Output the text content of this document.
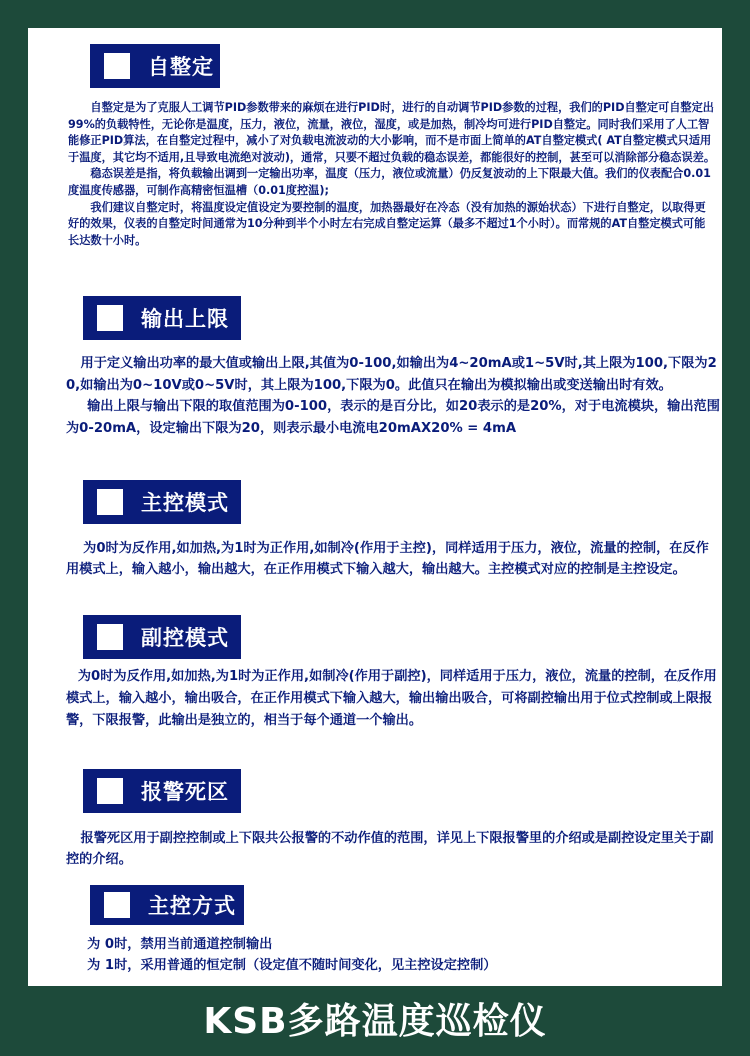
自整定
自整定是为了克服人工调节PID参数带来的麻烦在进行PID时，进行的自动调节PID参数的过程，我们的PID自整定可自整定出99%的负载特性，无论你是温度，压力，液位，流量，液位，湿度，或是加热，制冷均可进行PID自整定。同时我们采用了人工智能修正PID算法，在自整定过程中，减小了对负载电流波动的大小影响，而不是市面上简单的AT自整定模式( AT自整定模式只适用于温度，其它均不适用,且导致电流绝对波动)，通常，只要不超过负载的稳态误差，都能很好的控制，甚至可以消除部分稳态误差。
稳态误差是指，将负载输出调到一定输出功率，温度（压力，液位或流量）仍反复波动的上下限最大值。我们的仪表配合0.01度温度传感器，可制作高精密恒温槽（0.01度控温);
我们建议自整定时，将温度设定值设定为要控制的温度，加热器最好在冷态（没有加热的源始状态）下进行自整定，以取得更好的效果，仪表的自整定时间通常为10分种到半个小时左右完成自整定运算（最多不超过1个小时）。而常规的AT自整定模式可能长达数十小时。
输出上限
用于定义输出功率的最大值或输出上限,其值为0-100,如输出为4~20mA或1~5V时,其上限为100,下限为20,如输出为0~10V或0~5V时，其上限为100,下限为0。此值只在输出为模拟输出或变送输出时有效。
输出上限与输出下限的取值范围为0-100，表示的是百分比，如20表示的是20%，对于电流模块，输出范围为0-20mA，设定输出下限为20，则表示最小电流电20mAX20% = 4mA
主控模式
为0时为反作用,如加热,为1时为正作用,如制冷(作用于主控)，同样适用于压力，液位，流量的控制，在反作用模式上，输入越小，输出越大，在正作用模式下输入越大，输出越大。主控模式对应的控制是主控设定。
副控模式
为0时为反作用,如加热,为1时为正作用,如制冷(作用于副控)，同样适用于压力，液位，流量的控制，在反作用模式上，输入越小，输出吸合，在正作用模式下输入越大，输出输出吸合，可将副控输出用于位式控制或上限报警，下限报警，此输出是独立的，相当于每个通道一个输出。
报警死区
报警死区用于副控控制或上下限共公报警的不动作值的范围，详见上下限报警里的介绍或是副控设定里关于副控的介绍。
主控方式
为 0时，禁用当前通道控制输出
为 1时，采用普通的恒定制（设定值不随时间变化，见主控设定控制）
KSB多路温度巡检仪
